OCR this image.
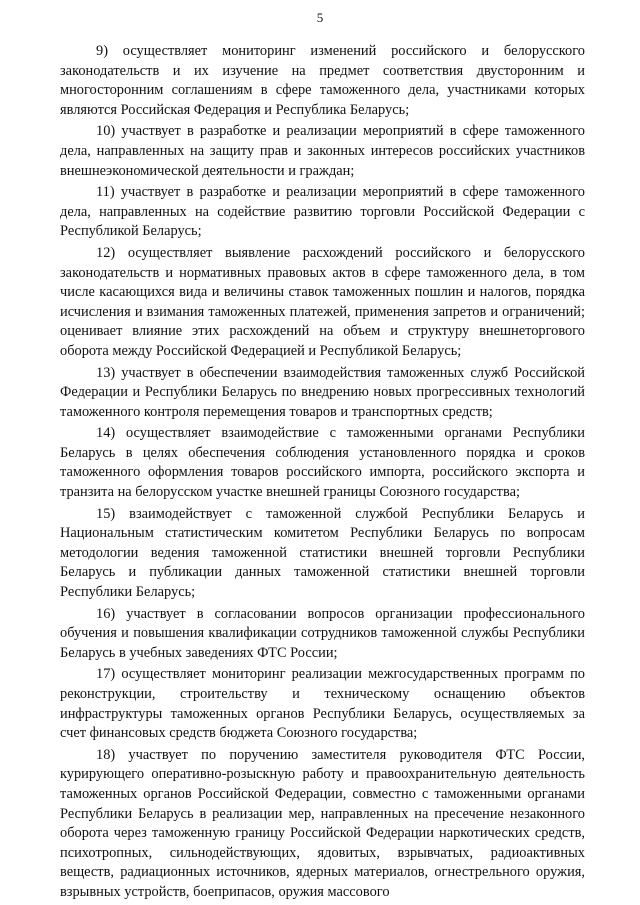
5

9) осуществляет мониторинг изменений российского и белорусского законодательств и их изучение на предмет соответствия двусторонним и многосторонним соглашениям в сфере таможенного дела, участниками которых являются Российская Федерация и Республика Беларусь;

10) участвует в разработке и реализации мероприятий в сфере таможенного дела, направленных на защиту прав и законных интересов российских участников внешнеэкономической деятельности и граждан;

11) участвует в разработке и реализации мероприятий в сфере таможенного дела, направленных на содействие развитию торговли Российской Федерации с Республикой Беларусь;

12) осуществляет выявление расхождений российского и белорусского законодательств и нормативных правовых актов в сфере таможенного дела, в том числе касающихся вида и величины ставок таможенных пошлин и налогов, порядка исчисления и взимания таможенных платежей, применения запретов и ограничений; оценивает влияние этих расхождений на объем и структуру внешнеторгового оборота между Российской Федерацией и Республикой Беларусь;

13) участвует в обеспечении взаимодействия таможенных служб Российской Федерации и Республики Беларусь по внедрению новых прогрессивных технологий таможенного контроля перемещения товаров и транспортных средств;

14) осуществляет взаимодействие с таможенными органами Республики Беларусь в целях обеспечения соблюдения установленного порядка и сроков таможенного оформления товаров российского импорта, российского экспорта и транзита на белорусском участке внешней границы Союзного государства;

15) взаимодействует с таможенной службой Республики Беларусь и Национальным статистическим комитетом Республики Беларусь по вопросам методологии ведения таможенной статистики внешней торговли Республики Беларусь и публикации данных таможенной статистики внешней торговли Республики Беларусь;

16) участвует в согласовании вопросов организации профессионального обучения и повышения квалификации сотрудников таможенной службы Республики Беларусь в учебных заведениях ФТС России;

17) осуществляет мониторинг реализации межгосударственных программ по реконструкции, строительству и техническому оснащению объектов инфраструктуры таможенных органов Республики Беларусь, осуществляемых за счет финансовых средств бюджета Союзного государства;

18) участвует по поручению заместителя руководителя ФТС России, курирующего оперативно-розыскную работу и правоохранительную деятельность таможенных органов Российской Федерации, совместно с таможенными органами Республики Беларусь в реализации мер, направленных на пресечение незаконного оборота через таможенную границу Российской Федерации наркотических средств, психотропных, сильнодействующих, ядовитых, взрывчатых, радиоактивных веществ, радиационных источников, ядерных материалов, огнестрельного оружия, взрывных устройств, боеприпасов, оружия массового
